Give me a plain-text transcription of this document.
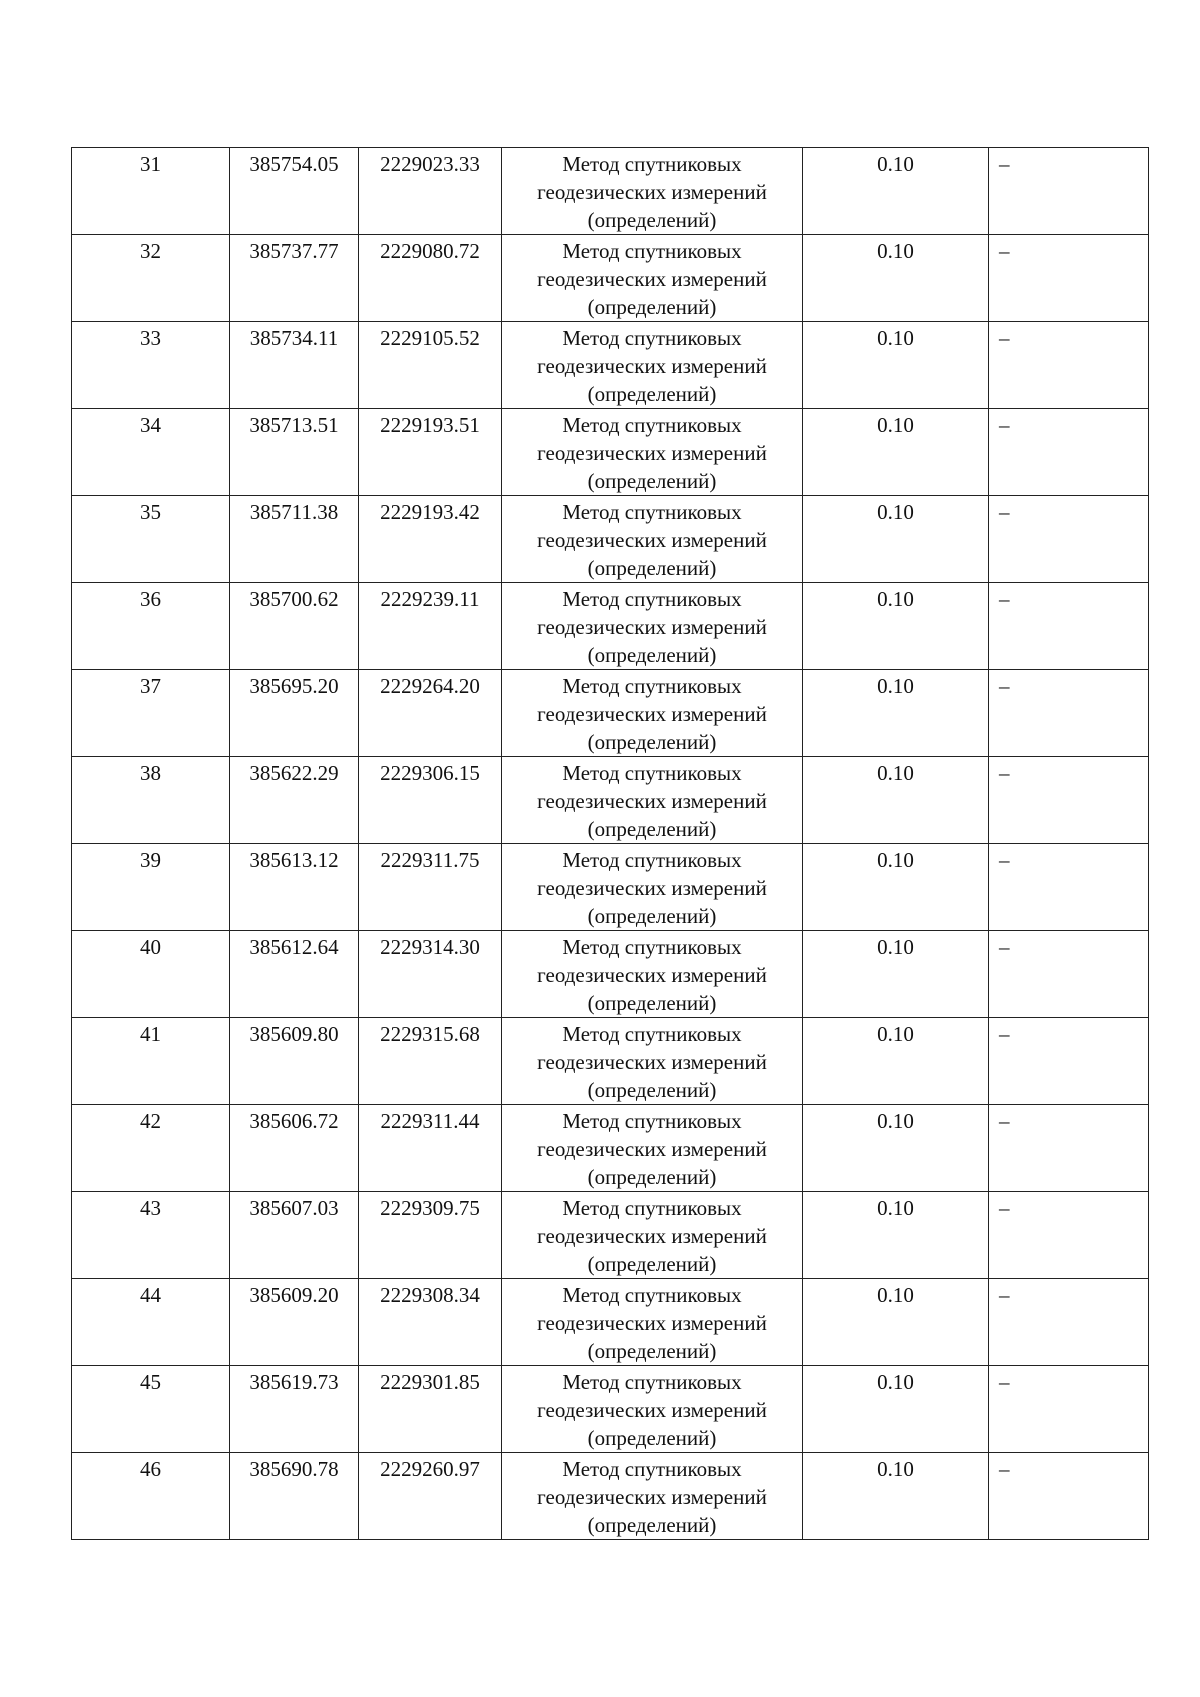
31	385754.05	2229023.33	Метод спутниковых
геодезических измерений
(определений)	0.10	–
32	385737.77	2229080.72	Метод спутниковых
геодезических измерений
(определений)	0.10	–
33	385734.11	2229105.52	Метод спутниковых
геодезических измерений
(определений)	0.10	–
34	385713.51	2229193.51	Метод спутниковых
геодезических измерений
(определений)	0.10	–
35	385711.38	2229193.42	Метод спутниковых
геодезических измерений
(определений)	0.10	–
36	385700.62	2229239.11	Метод спутниковых
геодезических измерений
(определений)	0.10	–
37	385695.20	2229264.20	Метод спутниковых
геодезических измерений
(определений)	0.10	–
38	385622.29	2229306.15	Метод спутниковых
геодезических измерений
(определений)	0.10	–
39	385613.12	2229311.75	Метод спутниковых
геодезических измерений
(определений)	0.10	–
40	385612.64	2229314.30	Метод спутниковых
геодезических измерений
(определений)	0.10	–
41	385609.80	2229315.68	Метод спутниковых
геодезических измерений
(определений)	0.10	–
42	385606.72	2229311.44	Метод спутниковых
геодезических измерений
(определений)	0.10	–
43	385607.03	2229309.75	Метод спутниковых
геодезических измерений
(определений)	0.10	–
44	385609.20	2229308.34	Метод спутниковых
геодезических измерений
(определений)	0.10	–
45	385619.73	2229301.85	Метод спутниковых
геодезических измерений
(определений)	0.10	–
46	385690.78	2229260.97	Метод спутниковых
геодезических измерений
(определений)	0.10	–
